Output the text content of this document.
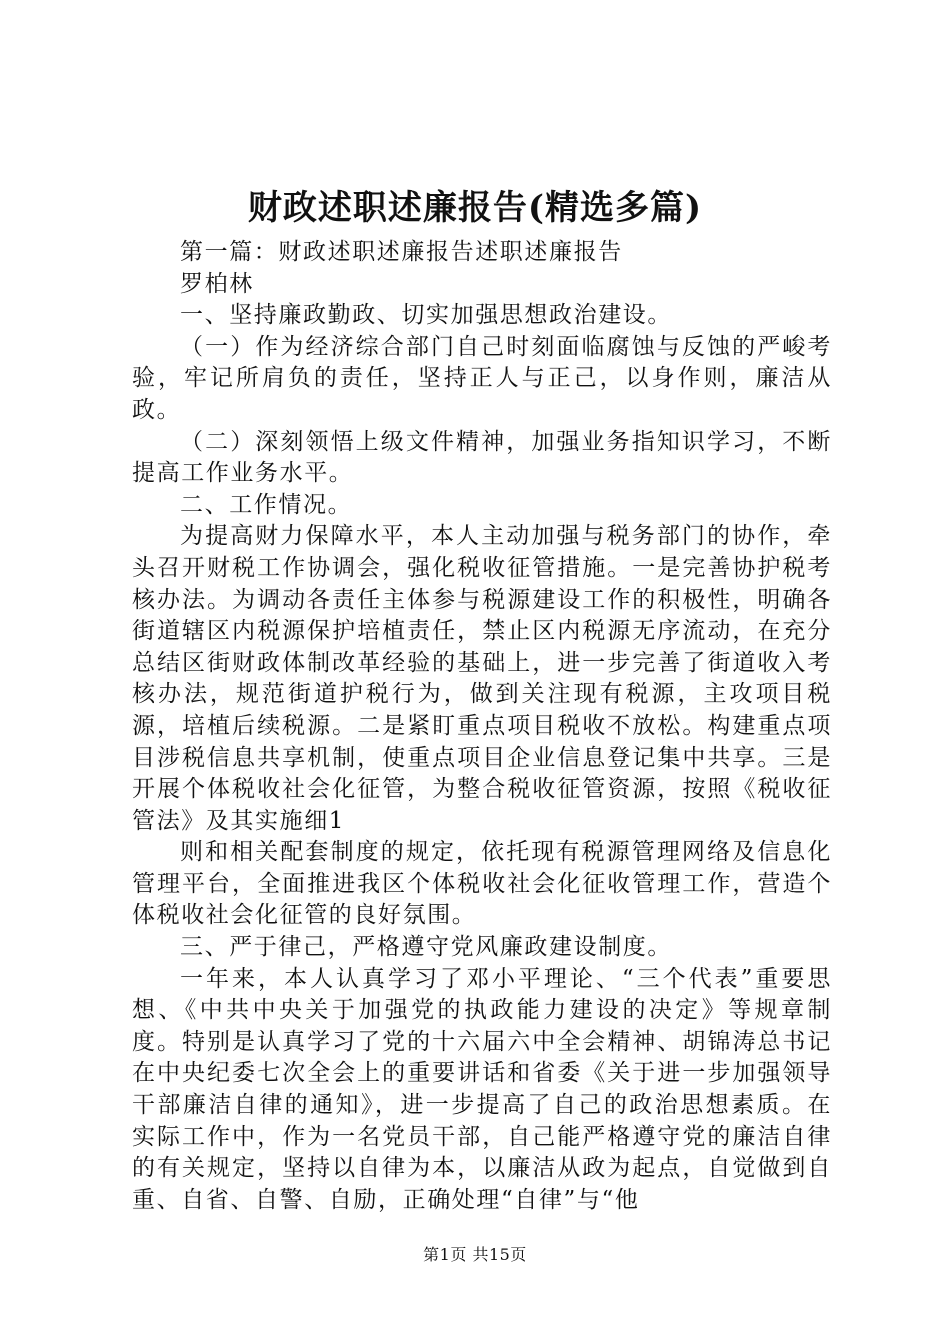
财政述职述廉报告(精选多篇)

第一篇：财政述职述廉报告述职述廉报告

罗柏林

一、坚持廉政勤政、切实加强思想政治建设。

（一）作为经济综合部门自己时刻面临腐蚀与反蚀的严峻考验，牢记所肩负的责任，坚持正人与正己，以身作则，廉洁从政。

（二）深刻领悟上级文件精神，加强业务指知识学习，不断提高工作业务水平。

二、工作情况。

为提高财力保障水平，本人主动加强与税务部门的协作，牵头召开财税工作协调会，强化税收征管措施。一是完善协护税考核办法。为调动各责任主体参与税源建设工作的积极性，明确各街道辖区内税源保护培植责任，禁止区内税源无序流动，在充分总结区街财政体制改革经验的基础上，进一步完善了街道收入考核办法，规范街道护税行为，做到关注现有税源，主攻项目税源，培植后续税源。二是紧盯重点项目税收不放松。构建重点项目涉税信息共享机制，使重点项目企业信息登记集中共享。三是开展个体税收社会化征管，为整合税收征管资源，按照《税收征管法》及其实施细1

则和相关配套制度的规定，依托现有税源管理网络及信息化管理平台，全面推进我区个体税收社会化征收管理工作，营造个体税收社会化征管的良好氛围。

三、严于律己，严格遵守党风廉政建设制度。

一年来，本人认真学习了邓小平理论、“三个代表”重要思想、《中共中央关于加强党的执政能力建设的决定》等规章制度。特别是认真学习了党的十六届六中全会精神、胡锦涛总书记在中央纪委七次全会上的重要讲话和省委《关于进一步加强领导干部廉洁自律的通知》，进一步提高了自己的政治思想素质。在实际工作中，作为一名党员干部，自己能严格遵守党的廉洁自律的有关规定，坚持以自律为本，以廉洁从政为起点，自觉做到自重、自省、自警、自励，正确处理“自律”与“他

第1页 共15页
